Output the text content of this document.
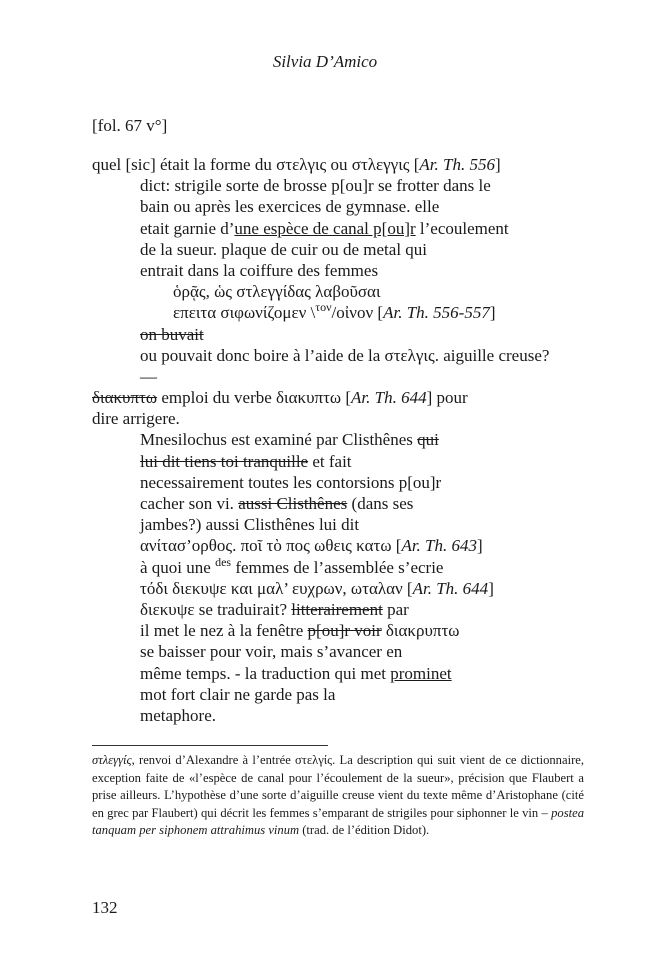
Silvia D’Amico
[fol. 67 v°]
quel [sic] était la forme du στελγις ou στλεγγις [Ar. Th. 556]
dict: strigile sorte de brosse p[ou]r se frotter dans le
bain ou après les exercices de gymnase. elle
etait garnie d’une espèce de canal p[ou]r l’ecoulement
de la sueur. plaque de cuir ou de metal qui
entrait dans la coiffure des femmes
ὁρᾷς, ὡς στλεγγίδας λαβοῦσαι
επειτα σιφωνίζομεν \$^{\tau o\nu}$/οἰνον [Ar. Th. 556-557]
on buvait
ou pouvait donc boire à l’aide de la στελγις. aiguille creuse?
—
διακυπτω emploi du verbe διακυπτω [Ar. Th. 644] pour
dire arrigere.
Mnesilochus est examiné par Clisthênes qui
lui dit tiens toi tranquille et fait
necessairement toutes les contorsions p[ou]r
cacher son vi. aussi Clisthênes (dans ses
jambes?) aussi Clisthênes lui dit
ανίτασ’ορθος. ποῖ τὸ πος ωθεις κατω [Ar. Th. 643]
à quoi une $^{des}$ femmes de l’assemblée s’ecrie
τόδι διεκυψε και μαλ’ ευχρων, ωταλαν [Ar. Th. 644]
διεκυψε se traduirait? litterairement par
il met le nez à la fenêtre p[ou]r voir διακρυπτω
se baisser pour voir, mais s’avancer en
même temps. - la traduction qui met prominet
mot fort clair ne garde pas la
metaphore.
στλεγγίς, renvoi d’Alexandre à l’entrée στελγίς. La description qui suit vient de ce dictionnaire, exception faite de «l’espèce de canal pour l’écoulement de la sueur», précision que Flaubert a prise ailleurs. L’hypothèse d’une sorte d’aiguille creuse vient du texte même d’Aristophane (cité en grec par Flaubert) qui décrit les femmes s’emparant de strigiles pour siphonner le vin – postea tanquam per siphonem attrahimus vinum (trad. de l’édition Didot).
132
